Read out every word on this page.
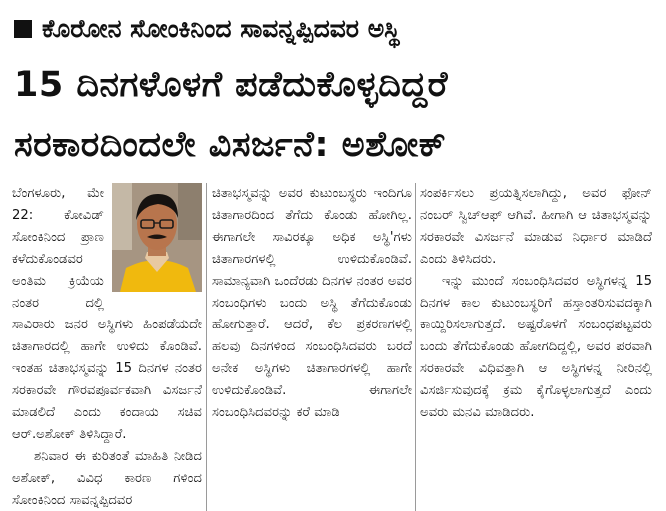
ಕೊರೋನ ಸೋಂಕಿನಿಂದ ಸಾವನ್ನಪ್ಪಿದವರ ಅಸ್ಥಿ
15 ದಿನಗಳೊಳಗೆ ಪಡೆದುಕೊಳ್ಳದಿದ್ದರೆ
ಸರಕಾರದಿಂದಲೇ ವಿಸರ್ಜನೆ: ಅಶೋಕ್

ಬೆಂಗಳೂರು, ಮೇ 22: ಕೋವಿಡ್ ಸೋಂಕಿನಿಂದ ಪ್ರಾಣ ಕಳೆದುಕೊಂಡವರ ಅಂತಿಮ ಕ್ರಿಯೆಯ ನಂತರ ದಲ್ಲಿ ಸಾವಿರಾರು ಜನರ ಅಸ್ಥಿಗಳು ಹಿಂಪಡೆಯದೇ ಚಿತಾಗಾರದಲ್ಲಿ ಹಾಗೇ ಉಳಿದು ಕೊಂಡಿವೆ. ಇಂತಹ ಚಿತಾಭಸ್ಮವನ್ನು 15 ದಿನಗಳ ನಂತರ ಸರಕಾರವೇ ಗೌರವಪೂರ್ವಕವಾಗಿ ವಿಸರ್ಜನೆ ಮಾಡಲಿದೆ ಎಂದು ಕಂದಾಯ ಸಚಿವ ಆರ್.ಅಶೋಕ್ ತಿಳಿಸಿದ್ದಾರೆ.

ಶನಿವಾರ ಈ ಕುರಿತಂತೆ ಮಾಹಿತಿ ನೀಡಿದ ಅಶೋಕ್, ವಿವಿಧ ಕಾರಣ ಗಳಿಂದ ಸೋಂಕಿನಿಂದ ಸಾವನ್ನಪ್ಪಿದವರ

ಚಿತಾಭಸ್ಮವನ್ನು ಅವರ ಕುಟುಂಬಸ್ಥರು ಇಂದಿಗೂ ಚಿತಾಗಾರದಿಂದ ತೆಗೆದು ಕೊಂಡು ಹೋಗಿಲ್ಲ. ಈಗಾಗಲೇ ಸಾವಿರಕ್ಕೂ ಅಧಿಕ ಅಸ್ಥಿ'ಗಳು ಚಿತಾಗಾರಗಳಲ್ಲಿ ಉಳಿದುಕೊಂಡಿವೆ. ಸಾಮಾನ್ಯವಾಗಿ ಒಂದೆರಡು ದಿನಗಳ ನಂತರ ಅವರ ಸಂಬಂಧಿಗಳು ಬಂದು ಅಸ್ಥಿ ತೆಗೆದುಕೊಂಡು ಹೋಗುತ್ತಾರೆ. ಆದರೆ, ಕೆಲ ಪ್ರಕರಣಗಳಲ್ಲಿ ಹಲವು ದಿನಗಳಿಂದ ಸಂಬಂಧಿಸಿದವರು ಬರದೆ ಅನೇಕ ಅಸ್ಥಿಗಳು ಚಿತಾಗಾರಗಳಲ್ಲಿ ಹಾಗೇ ಉಳಿದುಕೊಂಡಿವೆ. ಈಗಾಗಲೇ ಸಂಬಂಧಿಸಿದವರನ್ನು ಕರೆ ಮಾಡಿ

ಸಂಪರ್ಕಿಸಲು ಪ್ರಯತ್ನಿಸಲಾಗಿದ್ದು, ಅವರ ಫೋನ್ ನಂಬರ್ ಸ್ವಿಚ್ಆಫ್ ಆಗಿವೆ. ಹೀಗಾಗಿ ಆ ಚಿತಾಭಸ್ಮವನ್ನು ಸರಕಾರವೇ ವಿಸರ್ಜನೆ ಮಾಡುವ ನಿರ್ಧಾರ ಮಾಡಿದೆ ಎಂದು ತಿಳಿಸಿದರು.

ಇನ್ನು ಮುಂದೆ ಸಂಬಂಧಿಸಿದವರ ಅಸ್ಥಿಗಳನ್ನ 15 ದಿನಗಳ ಕಾಲ ಕುಟುಂಬಸ್ಥರಿಗೆ ಹಸ್ತಾಂತರಿಸುವದಕ್ಕಾಗಿ ಕಾಯ್ದಿರಿಸಲಾಗುತ್ತದೆ. ಅಷ್ಟರೊಳಗೆ ಸಂಬಂಧಪಟ್ಟವರು ಬಂದು ತೆಗೆದುಕೊಂಡು ಹೋಗದಿದ್ದಲ್ಲಿ, ಅವರ ಪರವಾಗಿ ಸರಕಾರವೇ ವಿಧಿವತ್ತಾಗಿ ಆ ಅಸ್ಥಿಗಳನ್ನ ನೀರಿನಲ್ಲಿ ವಿಸರ್ಜಿಸುವುದಕ್ಕೆ ಕ್ರಮ ಕೈಗೊಳ್ಳಲಾಗುತ್ತದೆ ಎಂದು ಅವರು ಮನವಿ ಮಾಡಿದರು.
